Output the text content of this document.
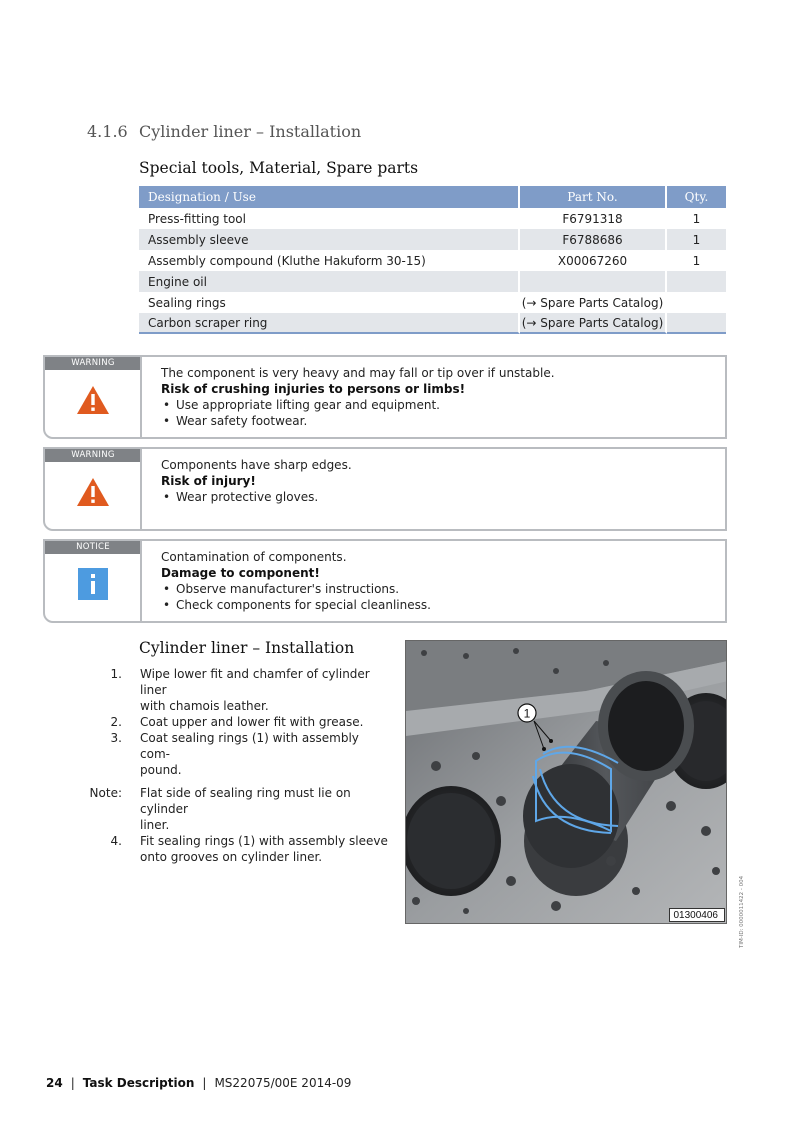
4.1.6 Cylinder liner – Installation
Special tools, Material, Spare parts
Designation / Use	Part No.	Qty.
Press-fitting tool	F6791318	1
Assembly sleeve	F6788686	1
Assembly compound (Kluthe Hakuform 30-15)	X00067260	1
Engine oil		
Sealing rings	(→ Spare Parts Catalog)	
Carbon scraper ring	(→ Spare Parts Catalog)	
WARNING
The component is very heavy and may fall or tip over if unstable.
Risk of crushing injuries to persons or limbs!
• Use appropriate lifting gear and equipment.
• Wear safety footwear.
WARNING
Components have sharp edges.
Risk of injury!
• Wear protective gloves.
NOTICE
Contamination of components.
Damage to component!
• Observe manufacturer's instructions.
• Check components for special cleanliness.
Cylinder liner – Installation
1. Wipe lower fit and chamfer of cylinder liner
with chamois leather.
2. Coat upper and lower fit with grease.
3. Coat sealing rings (1) with assembly com-
pound.
Note: Flat side of sealing ring must lie on cylinder
liner.
4. Fit sealing rings (1) with assembly sleeve
onto grooves on cylinder liner.
1
01300406	TIM-ID: 0000011422 - 004
24 | Task Description | MS22075/00E 2014-09
